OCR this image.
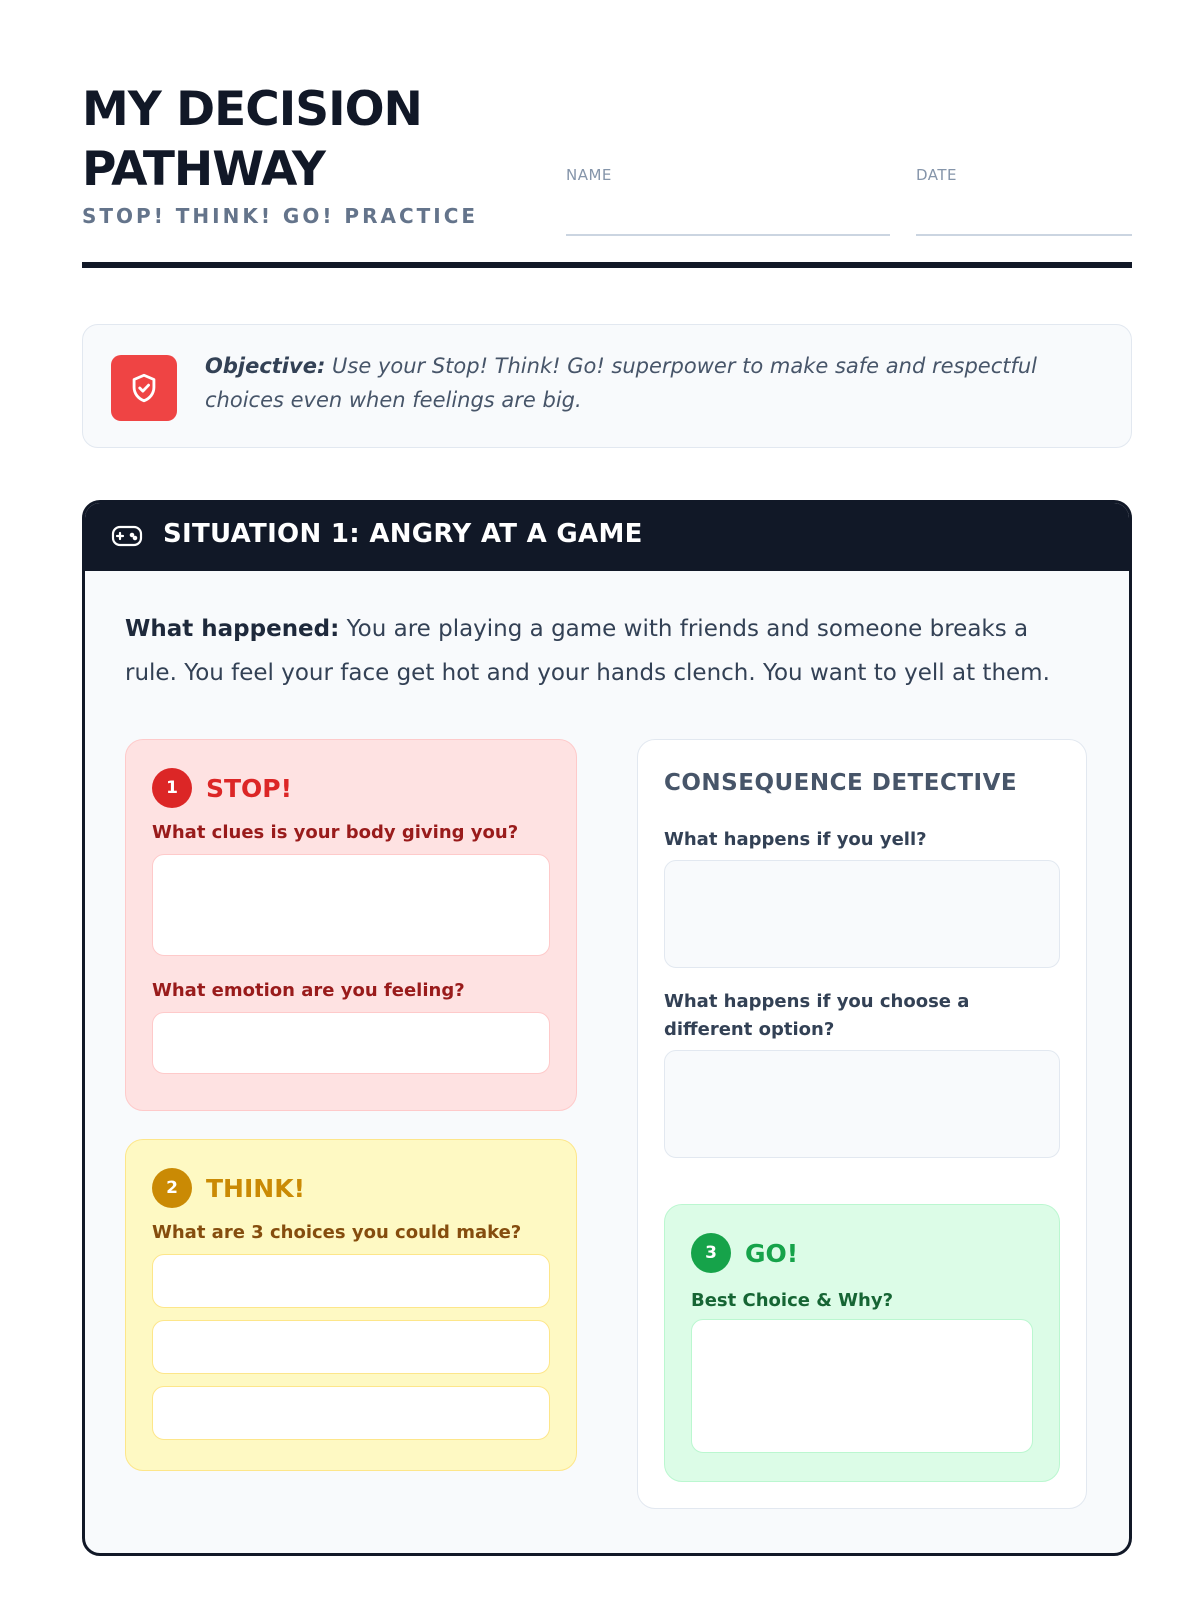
MY DECISION
PATHWAY
STOP! THINK! GO! PRACTICE
NAME	DATE
Objective: Use your Stop! Think! Go! superpower to make safe and respectful choices even when feelings are big.
SITUATION 1: ANGRY AT A GAME
What happened: You are playing a game with friends and someone breaks a rule. You feel your face get hot and your hands clench. You want to yell at them.
1	STOP!
What clues is your body giving you?
What emotion are you feeling?
2	THINK!
What are 3 choices you could make?
CONSEQUENCE DETECTIVE
What happens if you yell?
What happens if you choose a different option?
3	GO!
Best Choice & Why?
